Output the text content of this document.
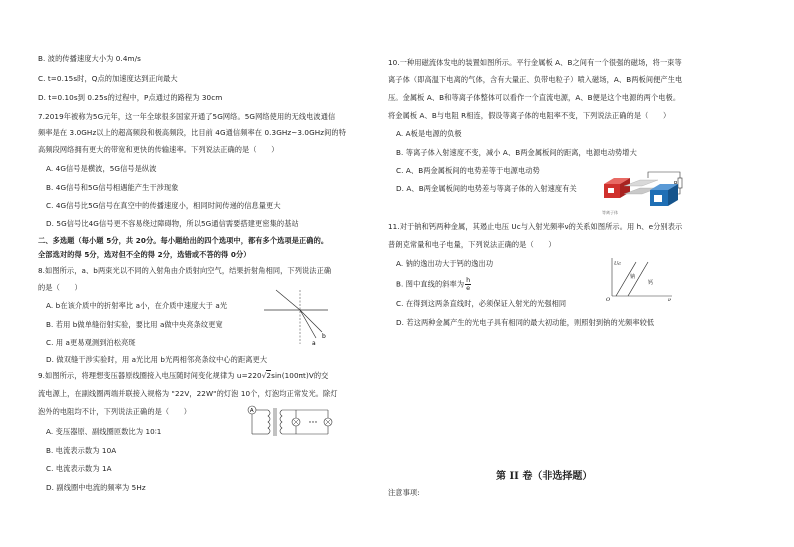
B. 波的传播速度大小为 0.4m/s
C. t=0.15s时，Q点的加速度达到正向最大
D. t=0.10s到 0.25s的过程中，P点通过的路程为 30cm
7.2019年被称为5G元年，这一年全球很多国家开通了5G网络。5G网络使用的无线电波通信
频率是在 3.0GHz以上的超高频段和极高频段，比目前 4G通信频率在 0.3GHz~3.0GHz间的特
高频段网络拥有更大的带宽和更快的传输速率。下列说法正确的是（　　）
A. 4G信号是横波，5G信号是纵波
B. 4G信号和5G信号相遇能产生干涉现象
C. 4G信号比5G信号在真空中的传播速度小，相同时间传递的信息量更大
D. 5G信号比4G信号更不容易绕过障碍物，所以5G通信需要搭建更密集的基站
二、多选题（每小题 5分，共 20分。每小题给出的四个选项中，都有多个选项是正确的。
全部选对的得 5分，选对但不全的得 2分，选错或不答的得 0分）
8.如图所示，a、b两束光以不同的入射角由介质射向空气，结果折射角相同，下列说法正确
的是（　　）
A. b在该介质中的折射率比 a小，在介质中速度大于 a光
B. 若用 b做单缝衍射实验，要比用 a做中央亮条纹更宽
C. 用 a更易观测到泊松亮斑
D. 做双缝干涉实验时，用 a光比用 b光两相邻亮条纹中心的距离更大
a
b
9.如图所示，将理想变压器原线圈接入电压随时间变化规律为 u=220√2sin(100πt)V的交
流电源上，在副线圈两端并联接入规格为 "22V，22W"的灯泡 10个，灯泡均正常发光。除灯
泡外的电阻均不计，下列说法正确的是（　　）
A. 变压器原、副线圈匝数比为 10∶1
B. 电流表示数为 10A
C. 电流表示数为 1A
D. 副线圈中电流的频率为 5Hz
A
10.一种用磁流体发电的装置如图所示。平行金属板 A、B之间有一个很强的磁场，将一束等
离子体（即高温下电离的气体，含有大量正、负带电粒子）喷入磁场，A、B两板间便产生电
压。金属板 A、B和等离子体整体可以看作一个直流电源，A、B便是这个电源的两个电极。
将金属板 A、B与电阻 R相连，假设等离子体的电阻率不变，下列说法正确的是（　　）
A. A板是电源的负极
B. 等离子体入射速度不变，减小 A、B两金属板间的距离，电源电动势增大
C. A、B两金属板间的电势差等于电源电动势
D. A、B两金属板间的电势差与等离子体的入射速度有关
等离子体
11.对于钠和钙两种金属，其遏止电压 Uc与入射光频率ν的关系如图所示。用 h、e分别表示
普朗克常量和电子电量，下列说法正确的是（　　）
A. 钠的逸出功大于钙的逸出功
B. 图中直线的斜率为 $\frac{h}{e}$
C. 在得到这两条直线时，必须保证入射光的光强相同
D. 若这两种金属产生的光电子具有相同的最大初动能，则照射到钠的光频率较低
Uc
O	ν
钠
钙
第 II 卷（非选择题）
注意事项:
